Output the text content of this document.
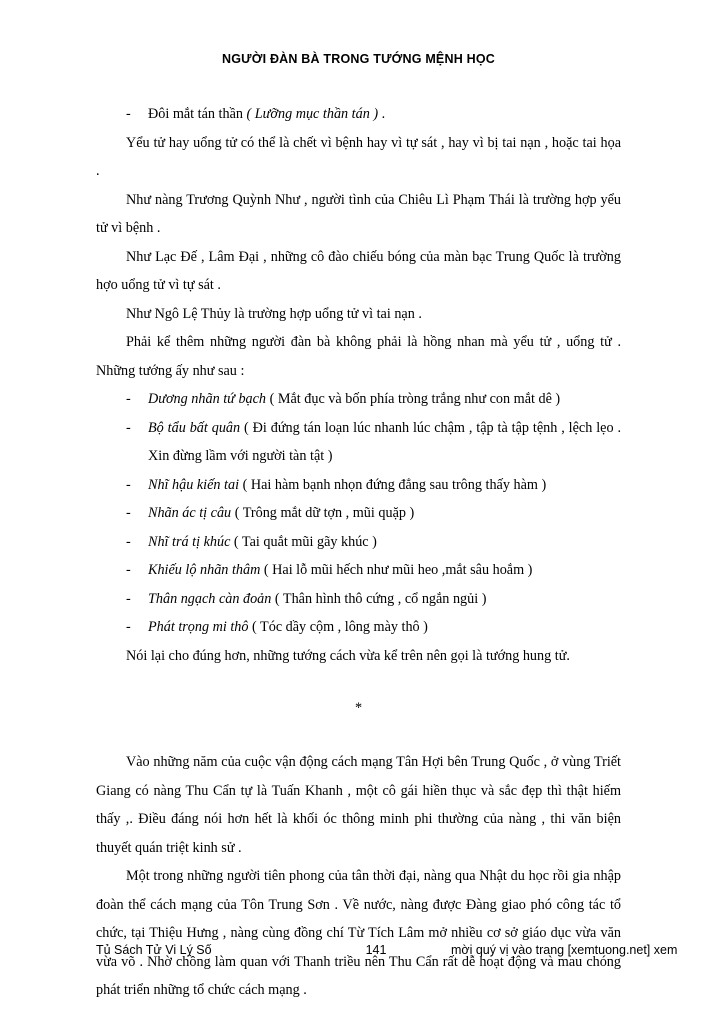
NGƯỜI ĐÀN BÀ TRONG TƯỚNG MỆNH HỌC
- Đôi mắt tán thần ( Lưỡng mục thần tán ) .

Yểu tử hay uổng tử có thể là chết vì bệnh hay vì tự sát , hay vì bị tai nạn , hoặc tai họa .

Như nàng Trương Quỳnh Như , người tình của Chiêu Lì Phạm Thái là trường hợp yểu tử vì bệnh .

Như Lạc Đế , Lâm Đại , những cô đào chiếu bóng của màn bạc Trung Quốc là trường hợo uổng tử vì tự sát .

Như Ngô Lệ Thủy là trường hợp uổng tử vì tai nạn .

Phải kể thêm những người đàn bà không phải là hồng nhan mà yểu tử , uổng tử . Những tướng ấy như sau :

- Dương nhãn tứ bạch ( Mắt đục và bốn phía tròng trắng như con mắt dê )
- Bộ tẩu bất quân ( Đi đứng tán loạn lúc nhanh lúc chậm , tập tà tập tệnh , lệch lẹo . Xin đừng lầm với người tàn tật )
- Nhĩ hậu kiến tai ( Hai hàm bạnh nhọn đứng đẳng sau trông thấy hàm )
- Nhãn ác tị câu ( Trông mắt dữ tợn , mũi quặp )
- Nhĩ trá tị khúc ( Tai quắt mũi gãy khúc )
- Khiếu lộ nhãn thâm ( Hai lỗ mũi hếch như mũi heo ,mắt sâu hoắm )
- Thân ngạch càn đoản ( Thân hình thô cứng , cổ ngắn ngủi )
- Phát trọng mi thô ( Tóc dầy cộm , lông mày thô )

Nói lại cho đúng hơn, những tướng cách vừa kể trên nên gọi là tướng hung tử.

*

Vào những năm của cuộc vận động cách mạng Tân Hợi bên Trung Quốc , ở vùng Triết Giang có nàng Thu Cẩn tự là Tuấn Khanh , một cô gái hiền thục và sắc đẹp thì thật hiếm thấy ,. Điều đáng nói hơn hết là khối óc thông minh phi thường của nàng , thi văn biện thuyết quán triệt kinh sử .

Một trong những người tiên phong của tân thời đại, nàng qua Nhật du học rồi gia nhập đoàn thể cách mạng của Tôn Trung Sơn . Về nước, nàng được Đàng giao phó công tác tổ chức, tại Thiệu Hưng , nàng cùng đồng chí Từ Tích Lâm mở nhiều cơ sở giáo dục vừa văn vừa võ . Nhờ chồng làm quan với Thanh triều nên Thu Cẩn rất dễ hoạt động và mau chóng phát triển những tổ chức cách mạng .

Tủ Sách Tử Vi Lý Số	141	mời quý vị vào trang [xemtuong.net] xem
